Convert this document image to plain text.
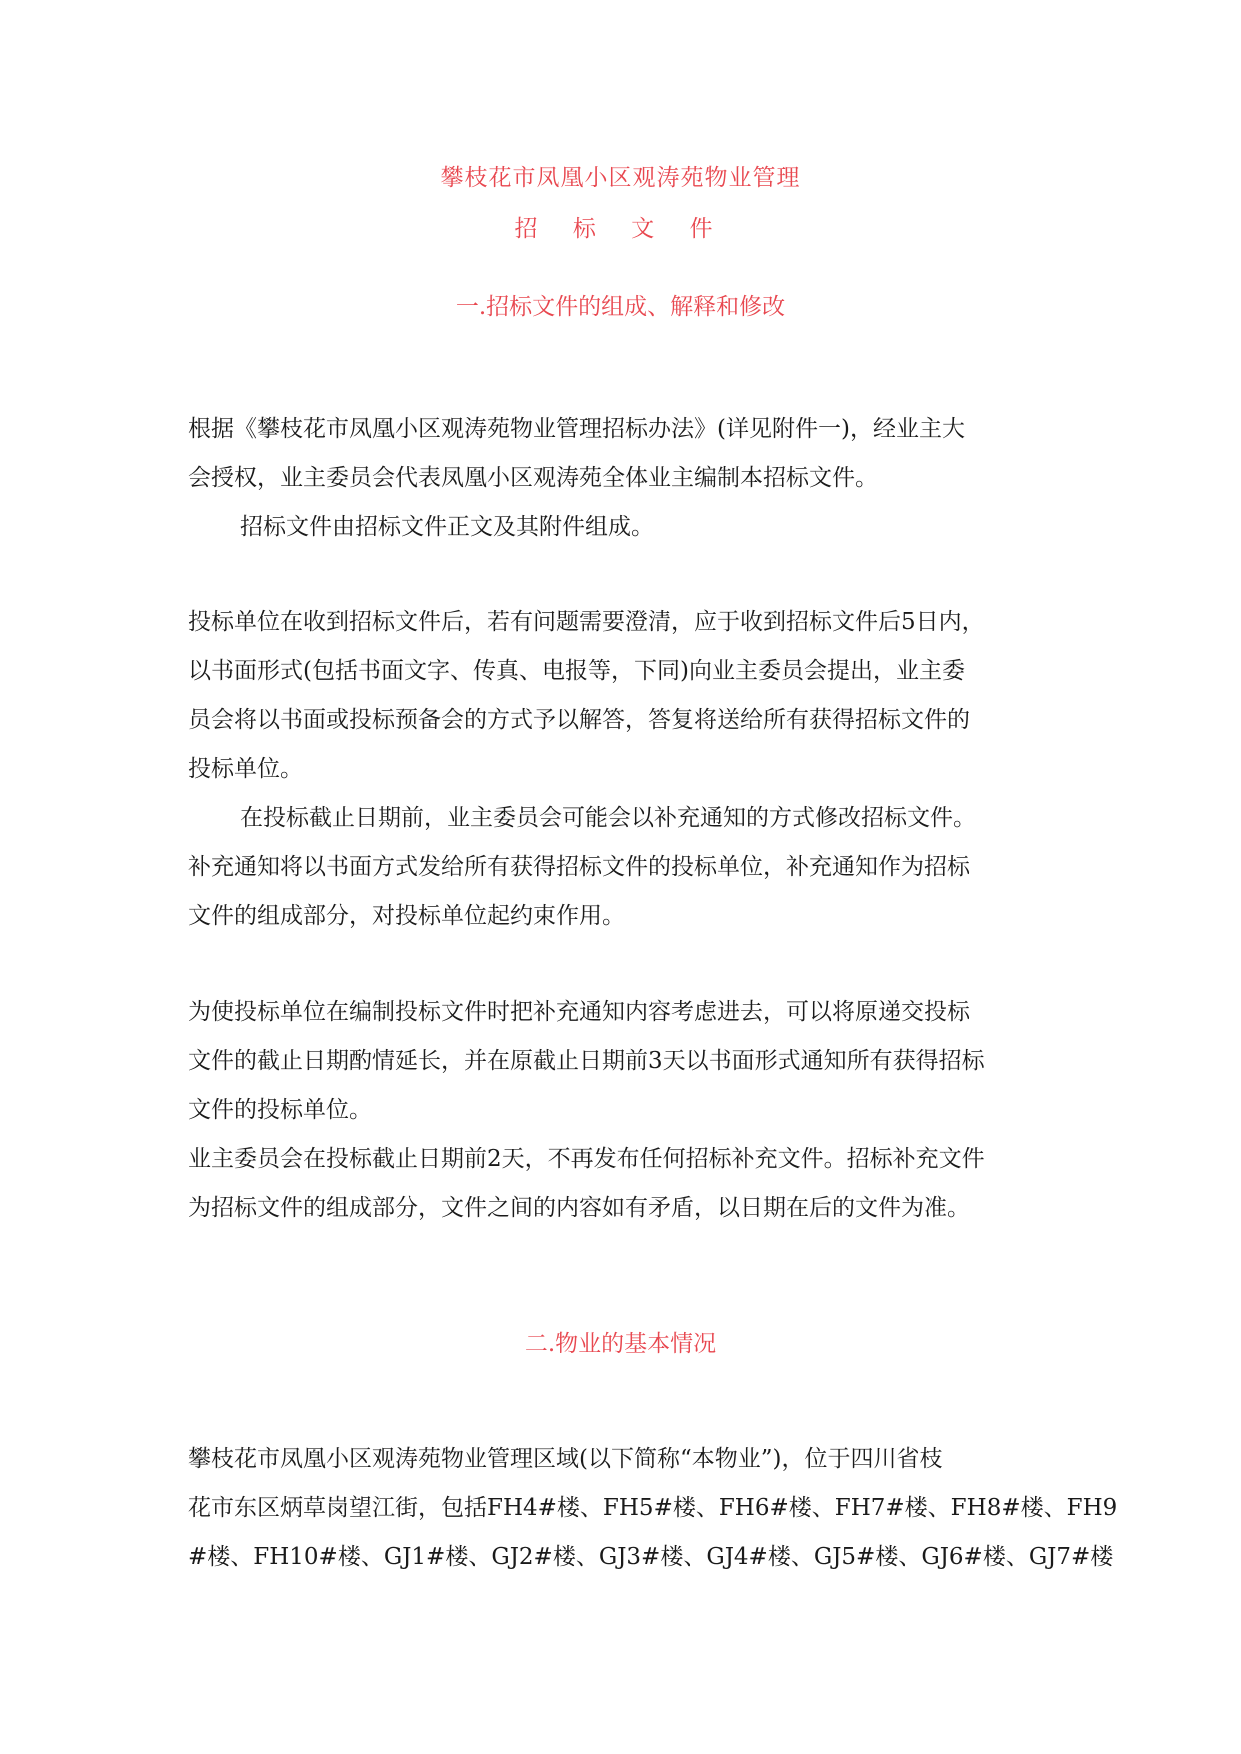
攀枝花市凤凰小区观涛苑物业管理
招 标 文 件
一.招标文件的组成、解释和修改
根据《攀枝花市凤凰小区观涛苑物业管理招标办法》(详见附件一)，经业主大
会授权，业主委员会代表凤凰小区观涛苑全体业主编制本招标文件。
招标文件由招标文件正文及其附件组成。
投标单位在收到招标文件后，若有问题需要澄清，应于收到招标文件后5日内，
以书面形式(包括书面文字、传真、电报等，下同)向业主委员会提出，业主委
员会将以书面或投标预备会的方式予以解答，答复将送给所有获得招标文件的
投标单位。
在投标截止日期前，业主委员会可能会以补充通知的方式修改招标文件。
补充通知将以书面方式发给所有获得招标文件的投标单位，补充通知作为招标
文件的组成部分，对投标单位起约束作用。
为使投标单位在编制投标文件时把补充通知内容考虑进去，可以将原递交投标
文件的截止日期酌情延长，并在原截止日期前3天以书面形式通知所有获得招标
文件的投标单位。
业主委员会在投标截止日期前2天，不再发布任何招标补充文件。招标补充文件
为招标文件的组成部分，文件之间的内容如有矛盾，以日期在后的文件为准。
二.物业的基本情况
攀枝花市凤凰小区观涛苑物业管理区域(以下简称“本物业”)，位于四川省枝
花市东区炳草岗望江街，包括FH4#楼、FH5#楼、FH6#楼、FH7#楼、FH8#楼、FH9
#楼、FH10#楼、GJ1#楼、GJ2#楼、GJ3#楼、GJ4#楼、GJ5#楼、GJ6#楼、GJ7#楼
